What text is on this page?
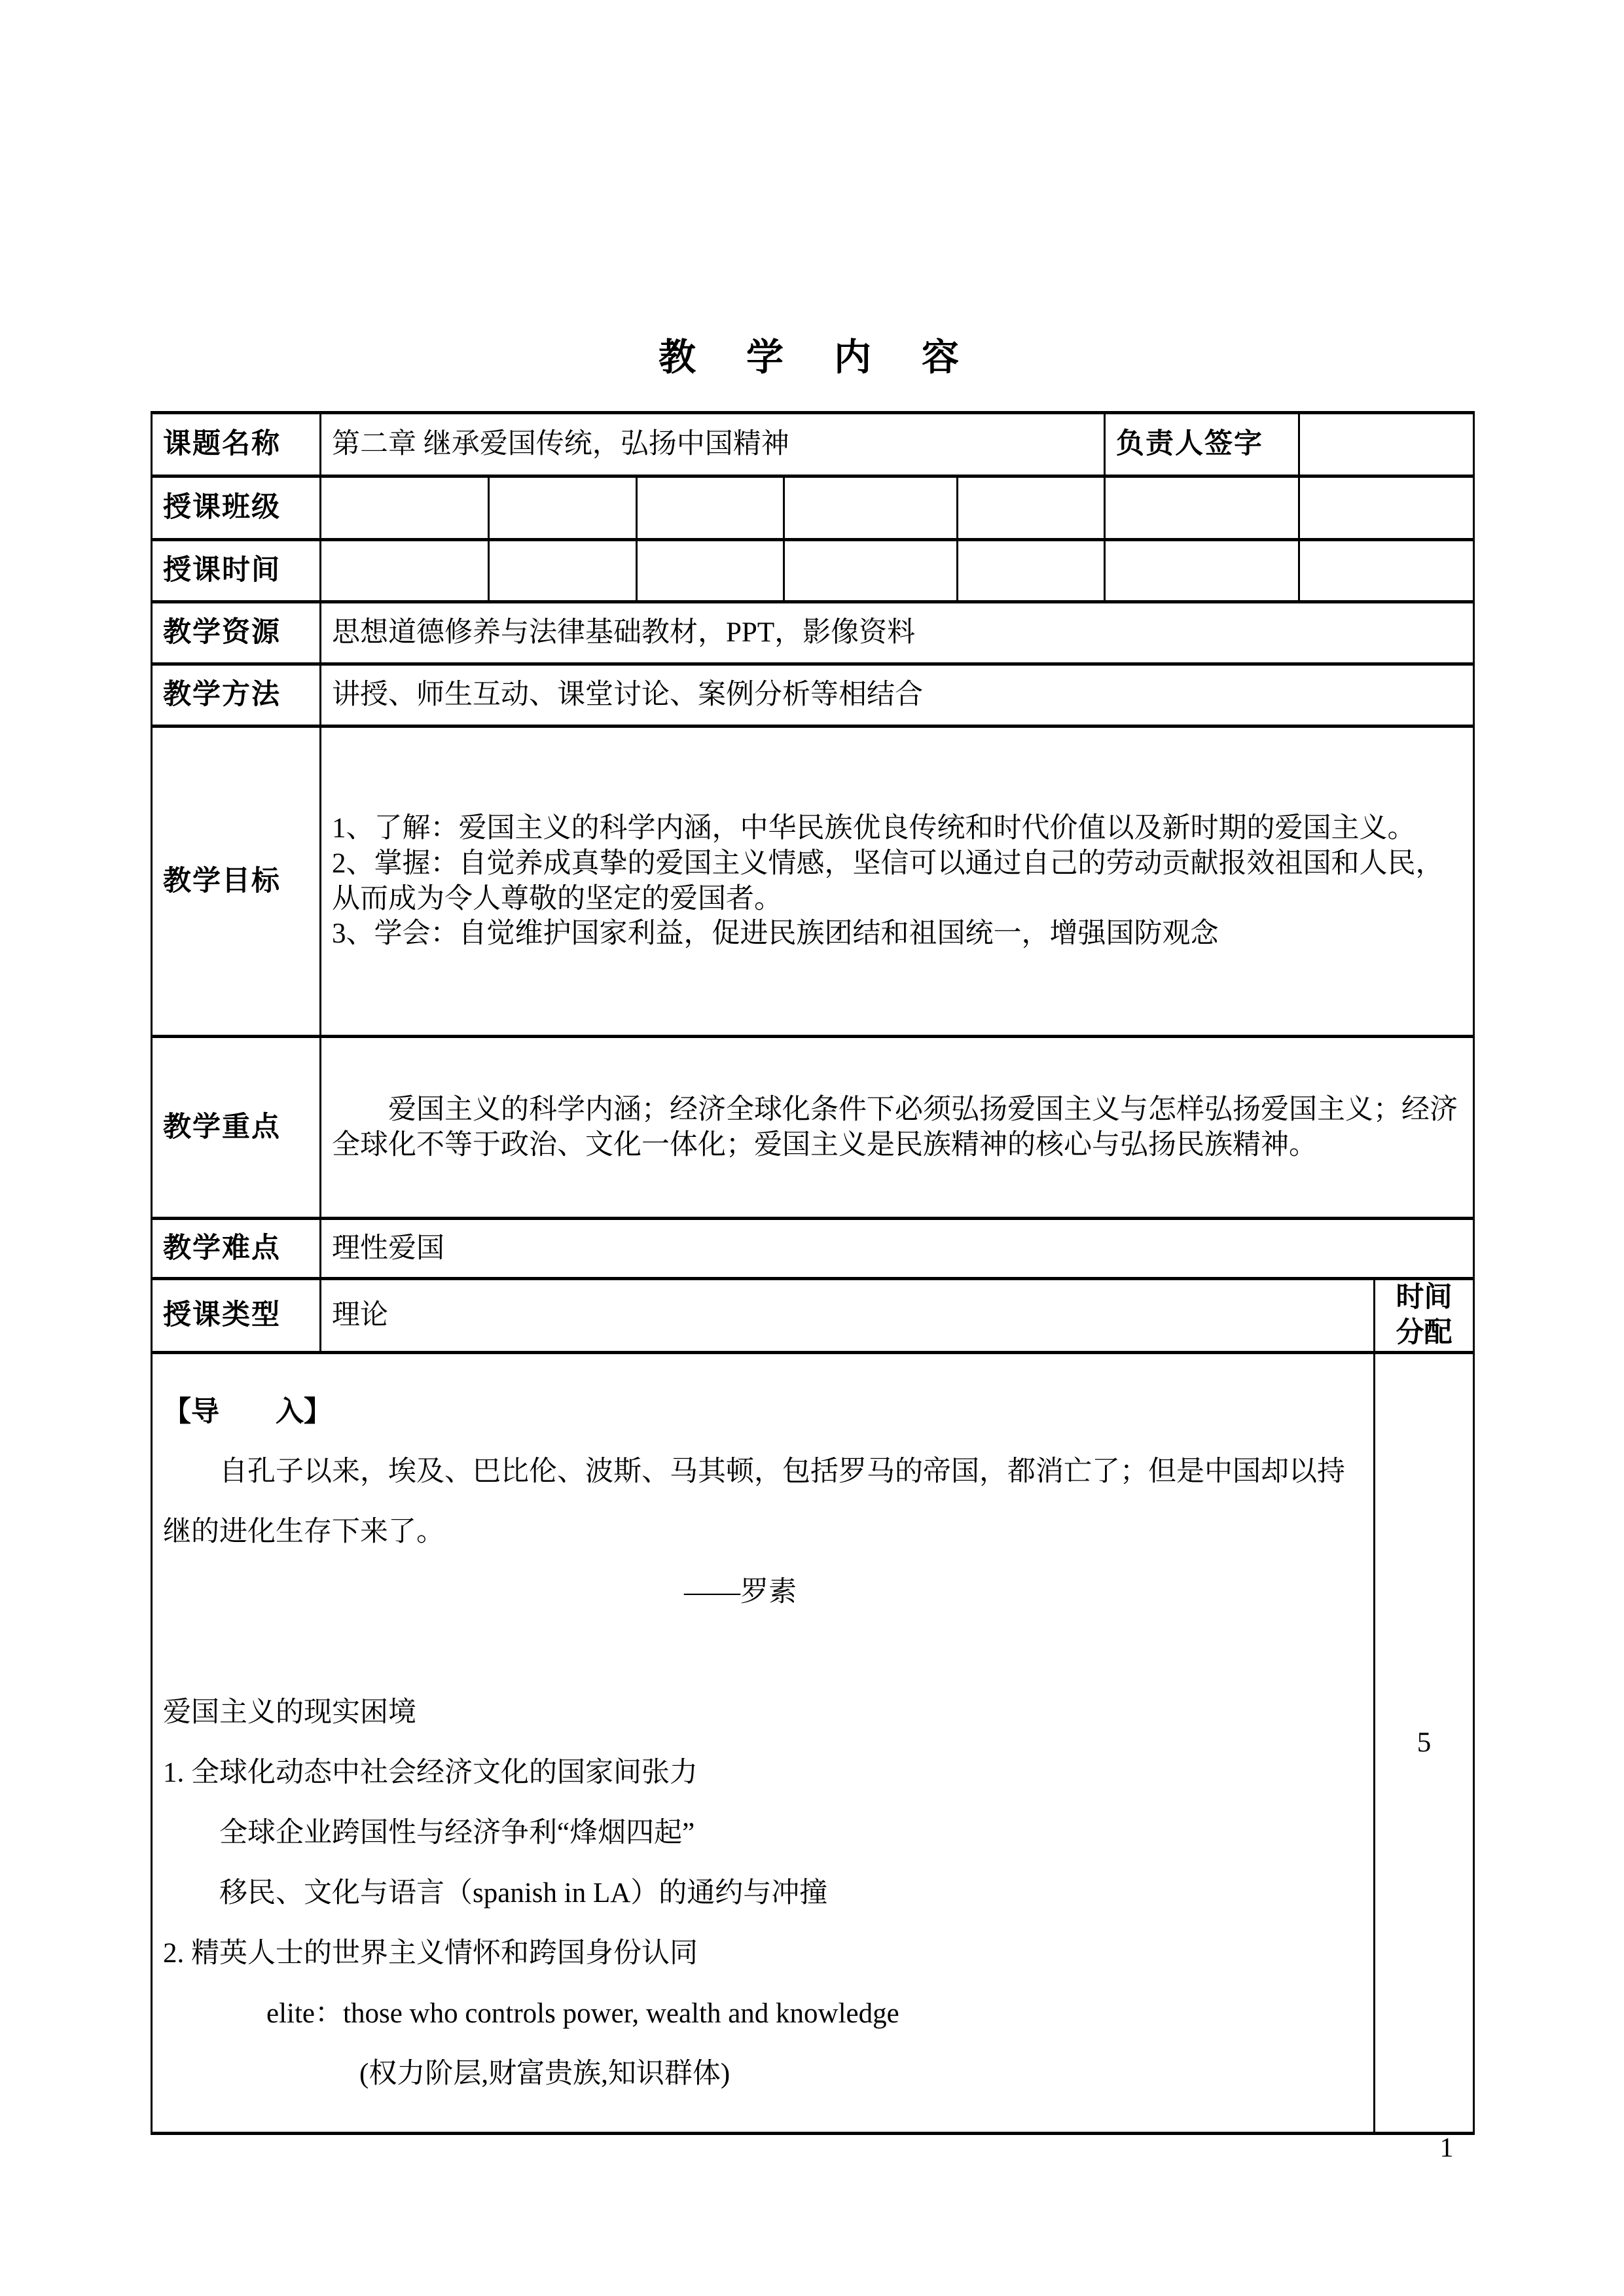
教　学　内　容
课题名称	第二章 继承爱国传统，弘扬中国精神					负责人签字		
授课班级								
授课时间								
教学资源	思想道德修养与法律基础教材，PPT，影像资料							
教学方法	讲授、师生互动、课堂讨论、案例分析等相结合							
教学目标	1、了解：爱国主义的科学内涵，中华民族优良传统和时代价值以及新时期的爱国主义。

2、掌握：自觉养成真挚的爱国主义情感，坚信可以通过自己的劳动贡献报效祖国和人民，从而成为令人尊敬的坚定的爱国者。

3、学会：自觉维护国家利益，促进民族团结和祖国统一，增强国防观念							

教学重点	爱国主义的科学内涵；经济全球化条件下必须弘扬爱国主义与怎样弘扬爱国主义；经济全球化不等于政治、文化一体化；爱国主义是民族精神的核心与弘扬民族精神。							

教学难点	理性爱国							
授课类型	理论							时间 分配

【导　　入】

自孔子以来，埃及、巴比伦、波斯、马其顿，包括罗马的帝国，都消亡了；但是中国却以持继的进化生存下来了。

——罗素
爱国主义的现实困境
1. 全球化动态中社会经济文化的国家间张力
全球企业跨国性与经济争利“烽烟四起”
移民、文化与语言（spanish in LA）的通约与冲撞
2. 精英人士的世界主义情怀和跨国身份认同
elite：those who controls power, wealth and knowledge
(权力阶层,财富贵族,知识群体)
	5
1
